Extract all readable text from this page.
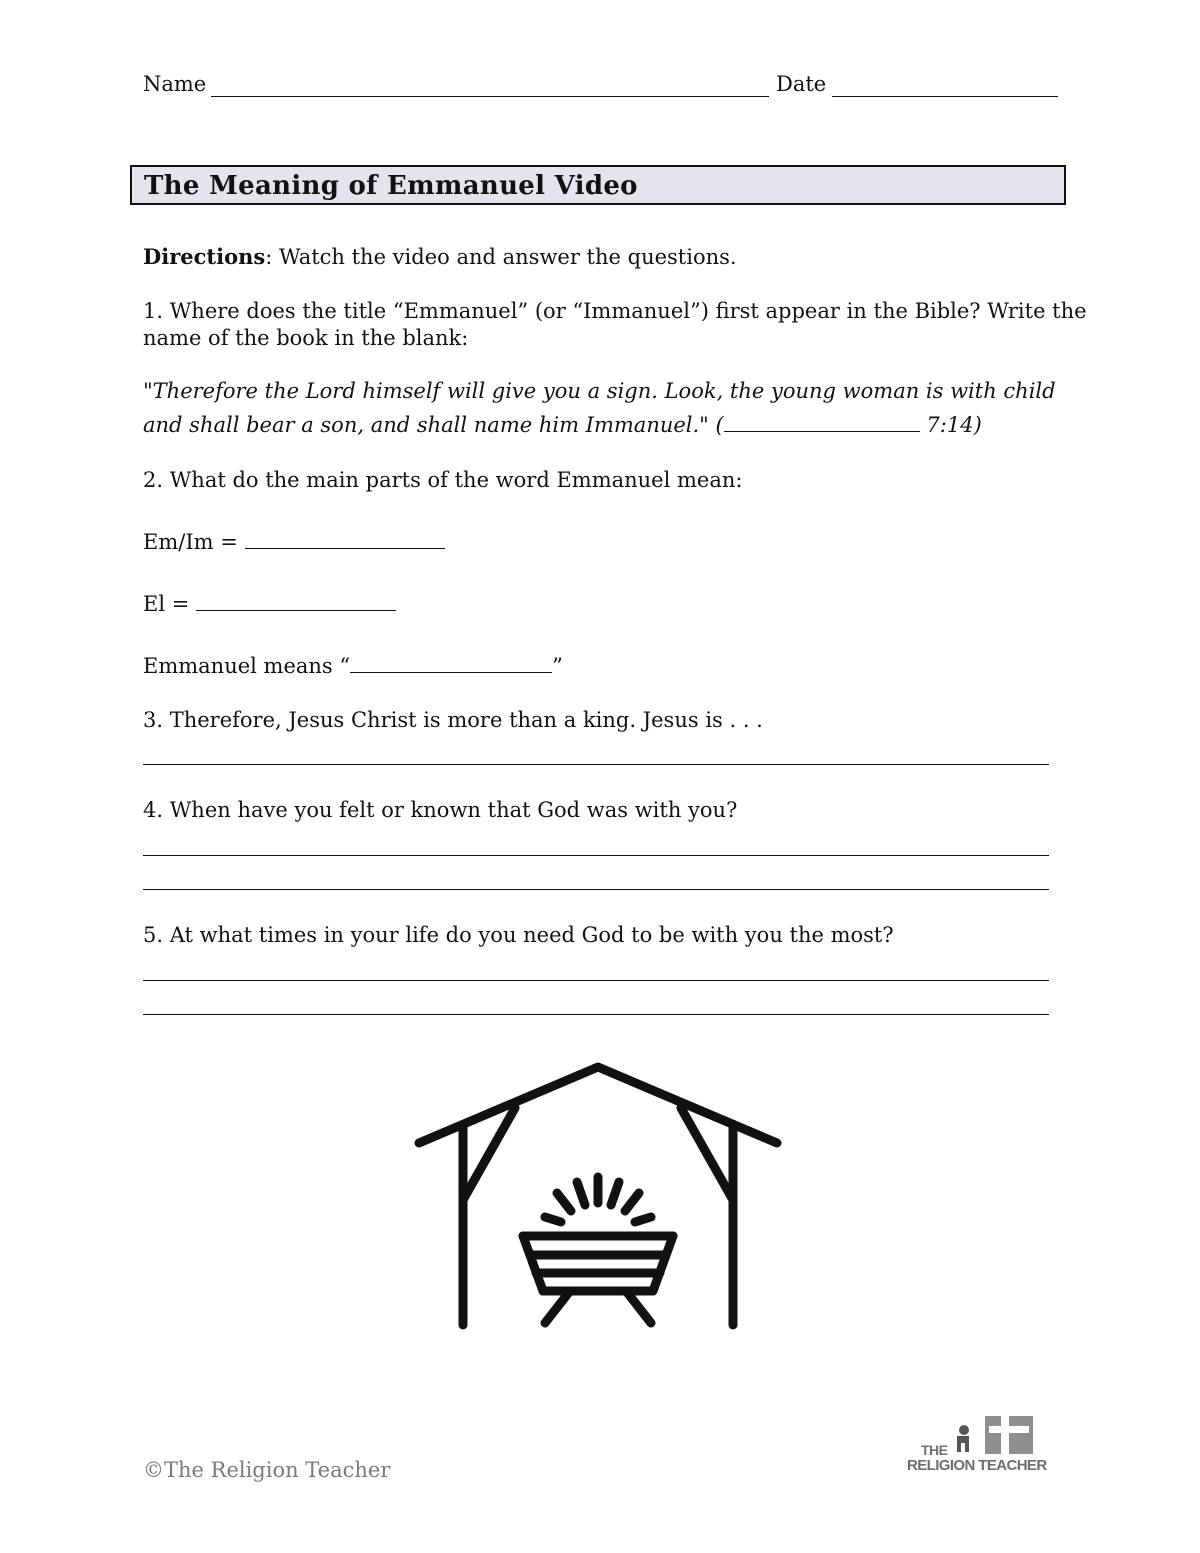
Name	Date
The Meaning of Emmanuel Video
Directions: Watch the video and answer the questions.
1. Where does the title “Emmanuel” (or “Immanuel”) first appear in the Bible? Write the
name of the book in the blank:
"Therefore the Lord himself will give you a sign. Look, the young woman is with child
and shall bear a son, and shall name him Immanuel." (	7:14)
2. What do the main parts of the word Emmanuel mean:
Em/Im =
El =
Emmanuel means “	”
3. Therefore, Jesus Christ is more than a king. Jesus is . . .
4. When have you felt or known that God was with you?
5. At what times in your life do you need God to be with you the most?
©The Religion Teacher
THE
RELIGION TEACHER
